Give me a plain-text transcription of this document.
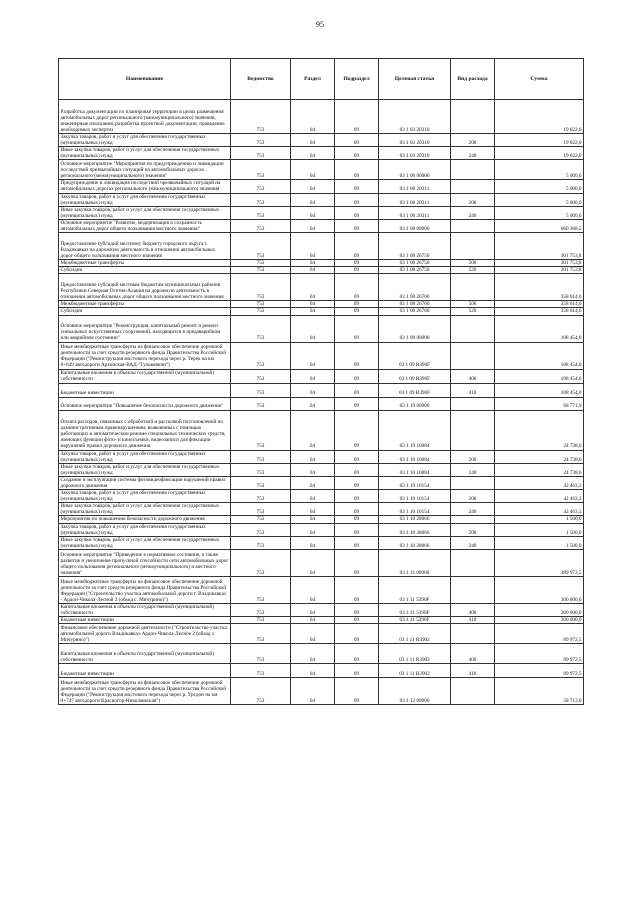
95
Наименование	Ведомство	Раздел	Подраздел	Целевая статья	Вид расхода	Сумма
Разработка документации по планировке территории в целях размещения автомобильных дорог регионального (межмуниципального) значения, инженерные изыскания, разработка проектной документации, проведение необходимых экспертиз	753	04	09	03 1 03 20310		19 022,0
Закупка товаров, работ и услуг для обеспечения государственных (муниципальных) нужд	753	04	09	03 1 03 20310	200	19 022,0
Иные закупки товаров, работ и услуг для обеспечения государственных (муниципальных) нужд	753	04	09	03 1 03 20310	240	19 022,0
Основное мероприятие "Мероприятия по предупреждению и ликвидации последствий чрезвычайных ситуаций на автомобильных дорогах регионального (межмуниципального) значения"	753	04	09	03 1 06 00000		5 000,0
Предупреждение и ликвидация последствий чрезвычайных ситуаций на автомобильных дорогах регионального (межмуниципального) значения	753	04	09	03 1 06 20311		5 000,0
Закупка товаров, работ и услуг для обеспечения государственных (муниципальных) нужд	753	04	09	03 1 06 20311	200	5 000,0
Иные закупки товаров, работ и услуг для обеспечения государственных (муниципальных) нужд	753	04	09	03 1 06 20311	240	5 000,0
Основное мероприятие "Развитие, модернизация и сохранность автомобильных дорог общего пользования местного значения"	753	04	09	03 1 08 00000		660 368,5
Предоставление субсидий местному бюджету городского округа г. Владикавказ на дорожную деятельность в отношении автомобильных дорог общего пользования местного значения	753	04	09	03 1 08 26750		301 753,8
Межбюджетные трансферты	753	04	09	03 1 08 26750	500	301 753,8
Субсидии	753	04	09	03 1 08 26750	520	301 753,8
Предоставление субсидий местным бюджетам муниципальных районов Республики Северная Осетия-Алания на дорожную деятельность в отношении автомобильных дорог общего пользования местного значения	753	04	09	03 1 08 26760		358 614,6
Межбюджетные трансферты	753	04	09	03 1 08 26760	500	358 614,6
Субсидии	753	04	09	03 1 08 26760	520	358 614,6
Основное мероприятие "Реконструкция, капитальный ремонт и ремонт уникальных искусственных сооружений, находящихся в предаварийном или аварийном состоянии"	753	04	09	03 1 09 00000		108 454,0
Иные межбюджетные трансферты на финансовое обеспечение дорожной деятельности за счет средств резервного фонда Правительства Российской Федерации ("Реконструкция мостового перехода через р. Терек на км 8+049 автодороги Архонская-ВАД-"Гулькевичи")	753	04	09	03 1 09 R390F		108 454,0
Капитальные вложения в объекты государственной (муниципальной) собственности	753	04	09	03 1 09 R390F	400	108 454,0
Бюджетные инвестиции	753	04	09	03 1 09 R390F	410	108 454,0
Основное мероприятие "Повышение безопасности дорожного движения"	753	04	09	03 1 10 00000		68 771,9
Оплата расходов, связанных с обработкой и рассылкой постановлений по административным правонарушениям, выявленных с помощью работающих в автоматическом режиме специальных технических средств, имеющих функции фото- и киносъемки, видеозаписи для фиксации нарушений правил дорожного движения	753	04	09	03 1 10 10084		24 738,6
Закупка товаров, работ и услуг для обеспечения государственных (муниципальных) нужд	753	04	09	03 1 10 10084	200	24 738,6
Иные закупки товаров, работ и услуг для обеспечения государственных (муниципальных) нужд	753	04	09	03 1 10 10084	240	24 738,6
Создание и эксплуатация системы фотовидеофиксации нарушений правил дорожного движения	753	04	09	03 1 10 10154		42 463,3
Закупка товаров, работ и услуг для обеспечения государственных (муниципальных) нужд	753	04	09	03 1 10 10154	200	42 463,3
Иные закупки товаров, работ и услуг для обеспечения государственных (муниципальных) нужд	753	04	09	03 1 10 10154	240	42 463,3
Мероприятия по повышению безопасности дорожного движения	753	04	09	03 1 10 28066		1 500,0
Закупка товаров, работ и услуг для обеспечения государственных (муниципальных) нужд	753	04	09	03 1 10 28066	200	1 500,0
Иные закупки товаров, работ и услуг для обеспечения государственных (муниципальных) нужд	753	04	09	03 1 10 28066	240	1 500,0
Основное мероприятие "Приведение в нормативное состояние, а также развитие и увеличение пропускной способности сети автомобильных дорог общего пользования регионального (межмуниципального) и местного значения"	753	04	09	03 1 11 00000		389 972,5
Иные межбюджетные трансферты на финансовое обеспечение дорожной деятельности за счет средств резервного фонда Правительства Российской Федерации ("Строительство участка автомобильной дороги г. Владикавказ - Ардон-Чикола-Лесной 2 (обход с. Мичурино)")	753	04	09	03 1 11 5390F		300 000,0
Капитальные вложения в объекты государственной (муниципальной) собственности	753	04	09	03 1 11 5390F	400	300 000,0
Бюджетные инвестиции	753	04	09	03 1 11 5390F	410	300 000,0
Финансовое обеспечение дорожной деятельности ("Строительство участка автомобильной дороги Владикавказ-Ардон-Чикола-Лесное 2 (обход с. Мичурино)")	753	04	09	03 1 11 R3902		89 972,5
Капитальные вложения в объекты государственной (муниципальной) собственности	753	04	09	03 1 11 R3902	400	89 972,5
Бюджетные инвестиции	753	04	09	03 1 11 R3902	410	89 972,5
Иные межбюджетные трансферты на финансовое обеспечение дорожной деятельности за счет средств резервного фонда Правительства Российской Федерации ("Реконструкция мостового перехода через р. Урсдон на км 0+747 автодороги Красногор-Николаевская")	753	04	09	03 1 12 00000		58 713,0
